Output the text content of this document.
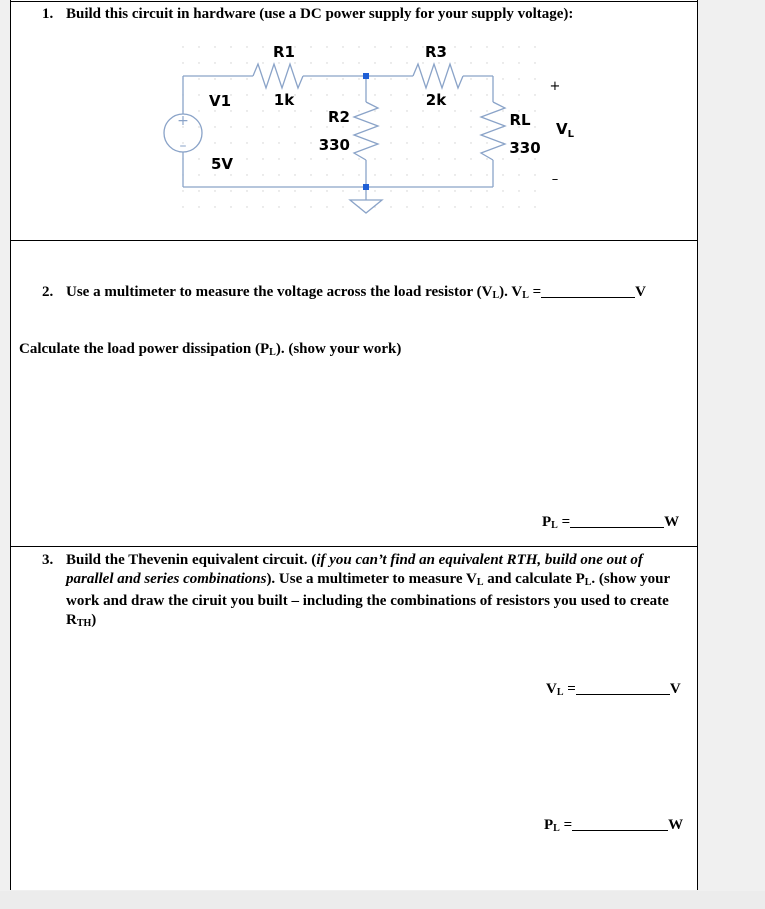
1. Build this circuit in hardware (use a DC power supply for your supply voltage):
+
–
R1
1k
R3
2k
R2
330
RL
330
V1
5V
+
–
$V_L$
2. Use a multimeter to measure the voltage across the load resistor $(V_L)$. $V_L$ =	V
Calculate the load power dissipation $(P_L)$. (show your work)
$P_L$ =	W
3. Build the Thevenin equivalent circuit. (if you can’t find an equivalent RTH, build one out of parallel and series combinations). Use a multimeter to measure $V_L$ and calculate $P_L$. (show your work and draw the ciruit you built – including the combinations of resistors you used to create $R_{TH}$)
$V_L$ =	V
$P_L$ =	W
